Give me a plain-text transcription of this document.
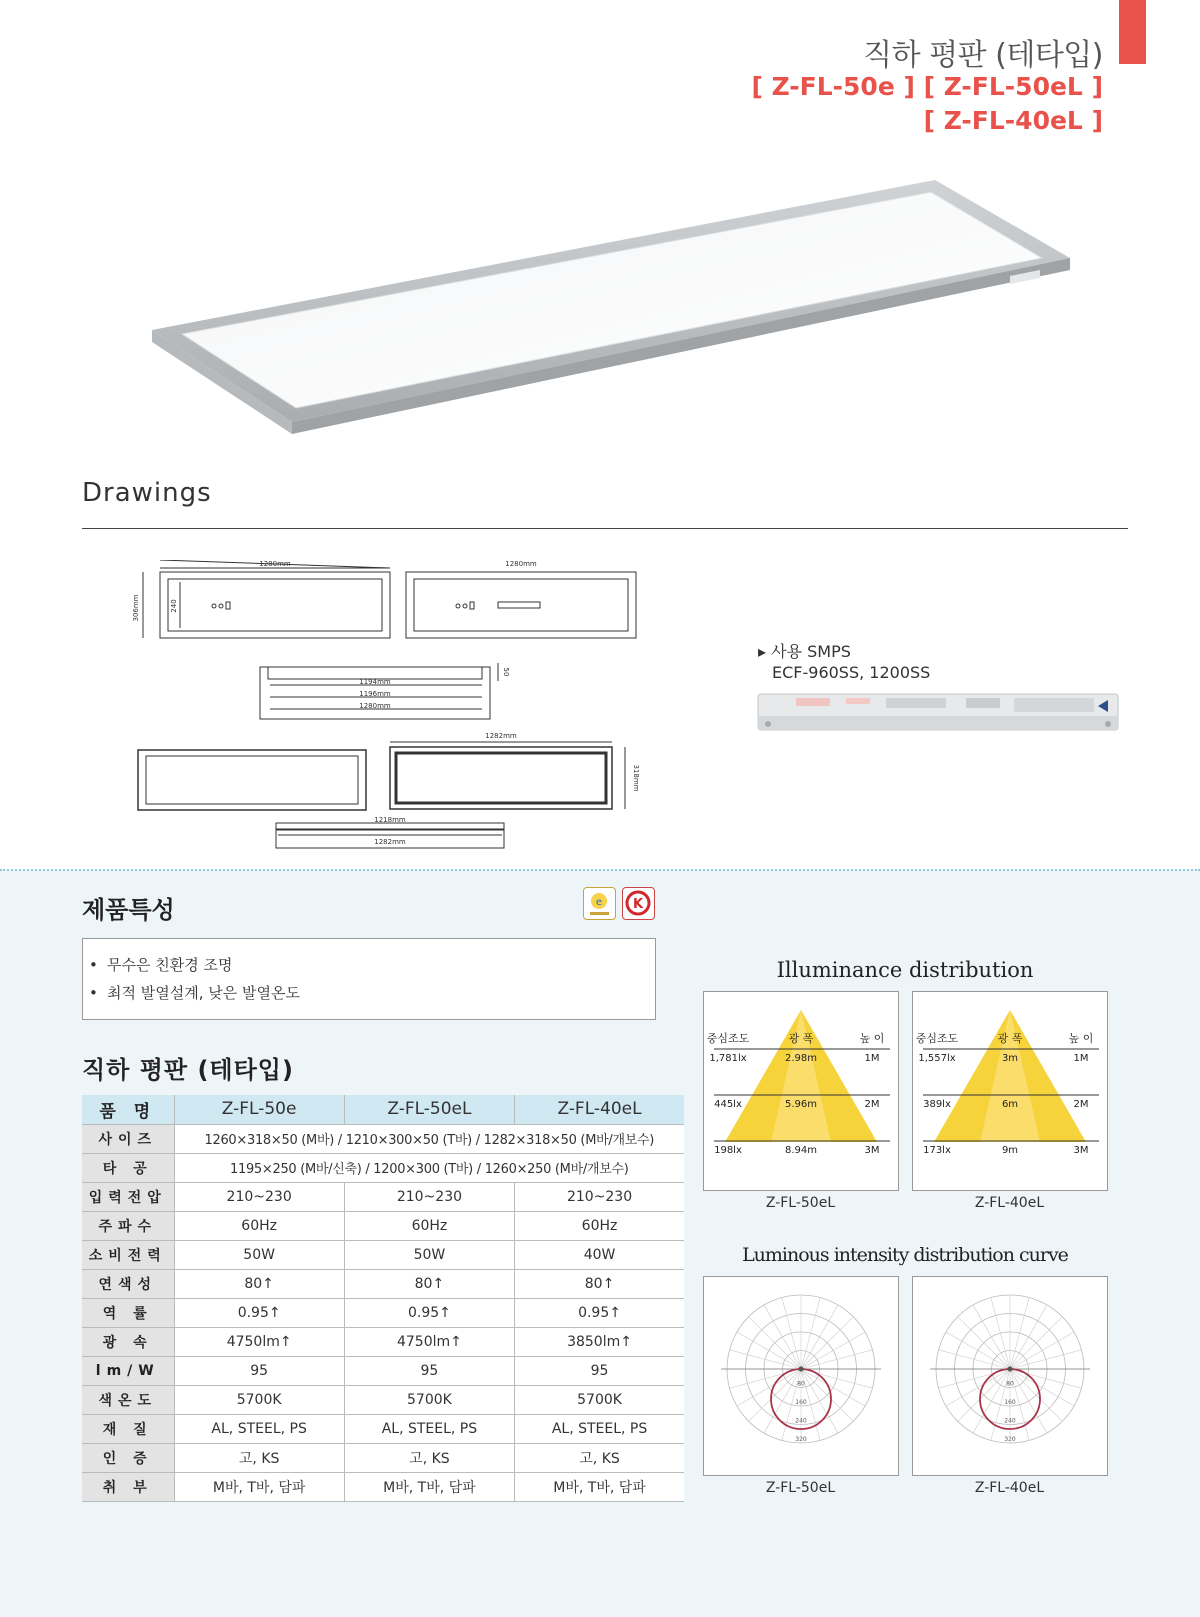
직하 평판 (테타입)
[ Z-FL-50e ] [ Z-FL-50eL ]
[ Z-FL-40eL ]
Drawings
1280mm	1280mm
306mm	240
1194mm
1196mm
1280mm
50
1282mm
318mm
1218mm
1282mm
▸ 사용 SMPS
ECF-960SS, 1200SS
제품특성	e K
• 무수은 친환경 조명
• 최적 발열설계, 낮은 발열온도
직하 평판 (테타입)
품 명	Z-FL-50e	Z-FL-50eL	Z-FL-40eL
사이즈	1260×318×50 (M바) / 1210×300×50 (T바) / 1282×318×50 (M바/개보수)		
타 공	1195×250 (M바/신축) / 1200×300 (T바) / 1260×250 (M바/개보수)		
입력전압	210~230	210~230	210~230
주파수	60Hz	60Hz	60Hz
소비전력	50W	50W	40W
연색성	80↑	80↑	80↑
역 률	0.95↑	0.95↑	0.95↑
광 속	4750lm↑	4750lm↑	3850lm↑
lm/W	95	95	95
색온도	5700K	5700K	5700K
재 질	AL, STEEL, PS	AL, STEEL, PS	AL, STEEL, PS
인 증	고, KS	고, KS	고, KS
취 부	M바, T바, 담파	M바, T바, 담파	M바, T바, 담파
Illuminance distribution
중심조도	광 폭	높 이
1,781lx	2.98m	1M
445lx	5.96m	2M
198lx	8.94m	3M
Z-FL-50eL
중심조도	광 폭	높 이
1,557lx	3m	1M
389lx	6m	2M
173lx	9m	3M
Z-FL-40eL
Luminous intensity distribution curve
80
160
240
320
Z-FL-50eL
80
160
240
320
Z-FL-40eL
